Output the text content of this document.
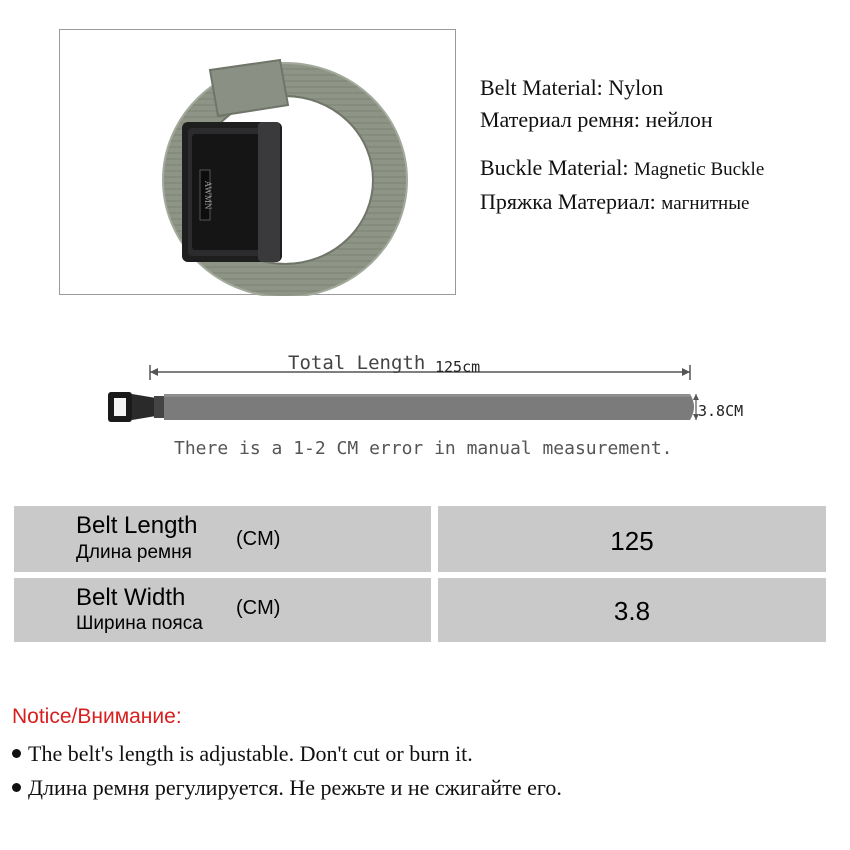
AWMN
Belt Material: Nylon
Материал ремня: нейлон
Buckle Material: Magnetic Buckle
Пряжка Материал: магнитные
Total Length 125cm
3.8CM
There is a 1-2 CM error in manual measurement.
Belt Length
Длина ремня
(CM)	125
Belt Width
Ширина пояса
(CM)	3.8
Notice/Внимание:
The belt's length is adjustable. Don't cut or burn it.
Длина ремня регулируется. Не режьте и не сжигайте его.
